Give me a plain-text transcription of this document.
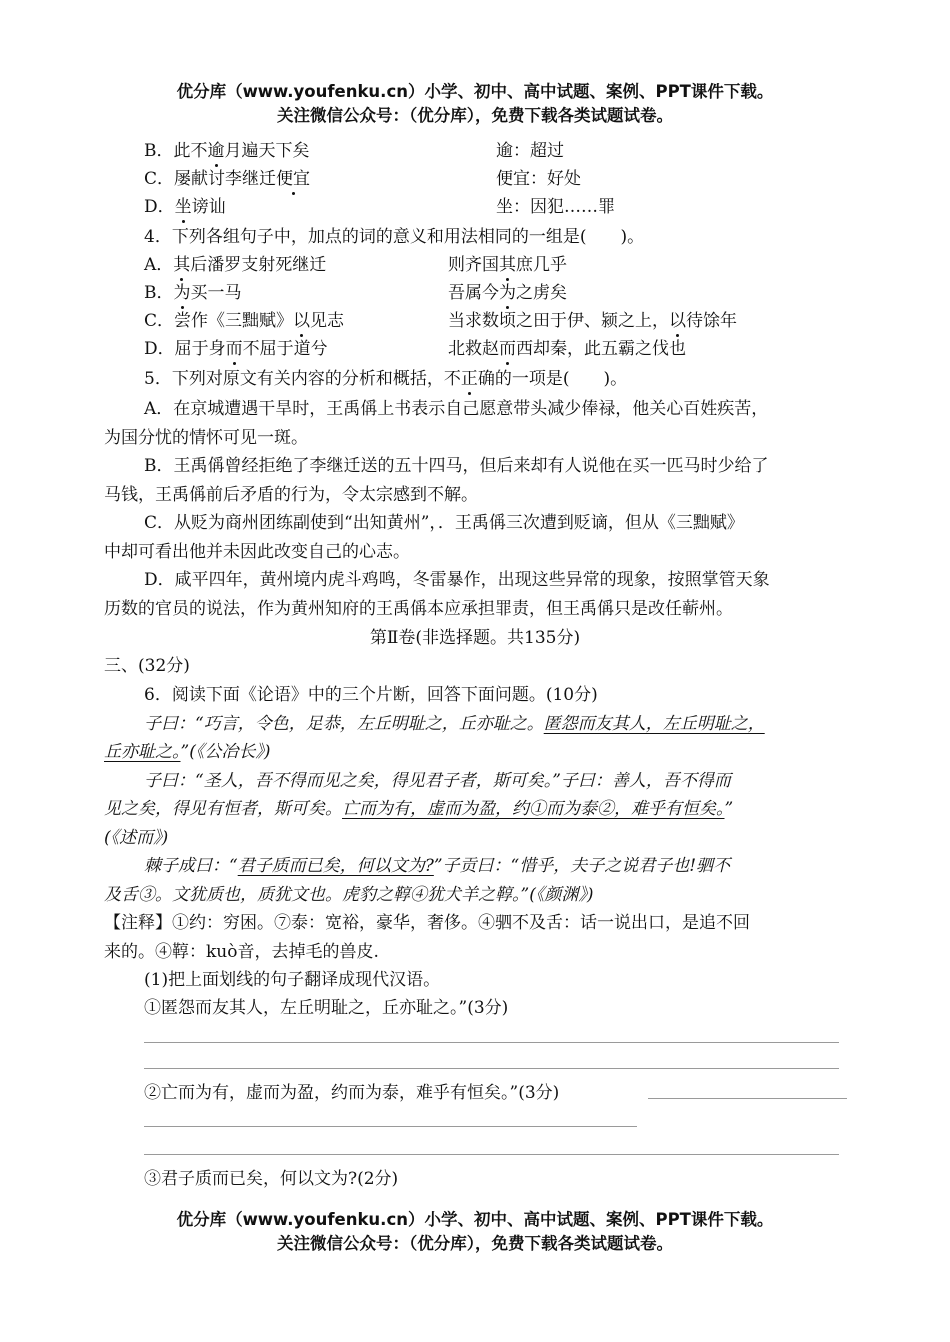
优分库（www.youfenku.cn）小学、初中、高中试题、案例、PPT课件下载。
关注微信公众号：（优分库），免费下载各类试题试卷。
B．此不逾月遍天下矣	逾：超过
C．屡献讨李继迁便宜	便宜：好处
D．坐谤讪	坐：因犯……罪
4．下列各组句子中，加点的词的意义和用法相同的一组是(　　)。
A．其后潘罗支射死继迁	则齐国其庶几乎
B．为买一马	吾属今为之虏矣
C．尝作《三黜赋》以见志	当求数顷之田于伊、颍之上，以待馀年
D．屈于身而不屈于道兮	北救赵而西却秦，此五霸之伐也
5．下列对原文有关内容的分析和概括，不正确的一项是(　　)。
A．在京城遭遇干旱时，王禹偁上书表示自己愿意带头减少俸禄，他关心百姓疾苦，
为国分忧的情怀可见一斑。
B．王禹偁曾经拒绝了李继迁送的五十四马，但后来却有人说他在买一匹马时少给了
马钱，王禹偁前后矛盾的行为，令太宗感到不解。
C．从贬为商州团练副使到“出知黄州”，．王禹偁三次遭到贬谪，但从《三黜赋》
中却可看出他并未因此改变自己的心志。
D．咸平四年，黄州境内虎斗鸡鸣，冬雷暴作，出现这些异常的现象，按照掌管天象
历数的官员的说法，作为黄州知府的王禹偁本应承担罪责，但王禹偁只是改任蕲州。
第Ⅱ卷(非选择题。共135分)
三、(32分)
6．阅读下面《论语》中的三个片断，回答下面问题。(10分)
子曰：“巧言，令色，足恭，左丘明耻之，丘亦耻之。匿怨而友其人，左丘明耻之，
丘亦耻之。”(《公冶长》)
子曰：“圣人，吾不得而见之矣，得见君子者，斯可矣。”子曰：善人，吾不得而
见之矣，得见有恒者，斯可矣。亡而为有，虚而为盈，约①而为泰②，难乎有恒矣。”
(《述而》)
棘子成曰：“君子质而已矣，何以文为?”子贡曰：“惜乎，夫子之说君子也!驷不
及舌③。文犹质也，质犹文也。虎豹之鞟④犹犬羊之鞟。”(《颜渊》)
【注释】①约：穷困。⑦泰：宽裕，豪华，奢侈。④驷不及舌：话一说出口，是追不回
来的。④鞟：kuò音，去掉毛的兽皮.
(1)把上面划线的句子翻译成现代汉语。
①匿怨而友其人，左丘明耻之，丘亦耻之。”(3分)
②亡而为有，虚而为盈，约而为泰，难乎有恒矣。”(3分)
③君子质而已矣，何以文为?(2分)
优分库（www.youfenku.cn）小学、初中、高中试题、案例、PPT课件下载。
关注微信公众号：（优分库），免费下载各类试题试卷。
